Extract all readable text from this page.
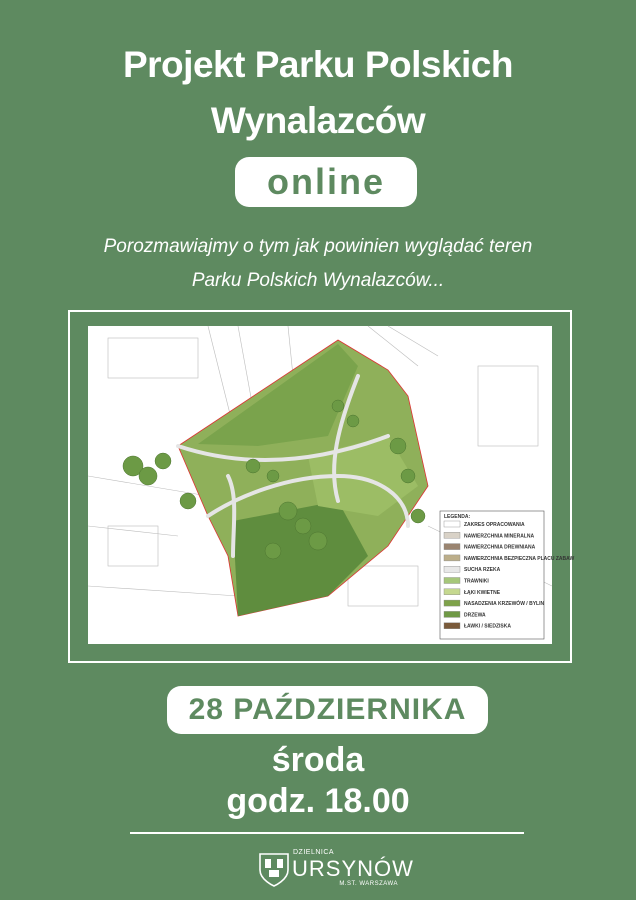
Projekt Parku Polskich
Wynalazców
online
Porozmawiajmy o tym jak powinien wyglądać teren
Parku Polskich Wynalazców...
LEGENDA:
ZAKRES OPRACOWANIA
NAWIERZCHNIA MINERALNA
NAWIERZCHNIA DREWNIANA
NAWIERZCHNIA BEZPIECZNA PLACU ZABAW
SUCHA RZEKA
TRAWNIKI
ŁĄKI KWIETNE
NASADZENIA KRZEWÓW / BYLIN
DRZEWA
ŁAWKI / SIEDZISKA
28 PAŹDZIERNIKA
środa
godz. 18.00
DZIELNICA
URSYNÓW
M.ST. WARSZAWA
